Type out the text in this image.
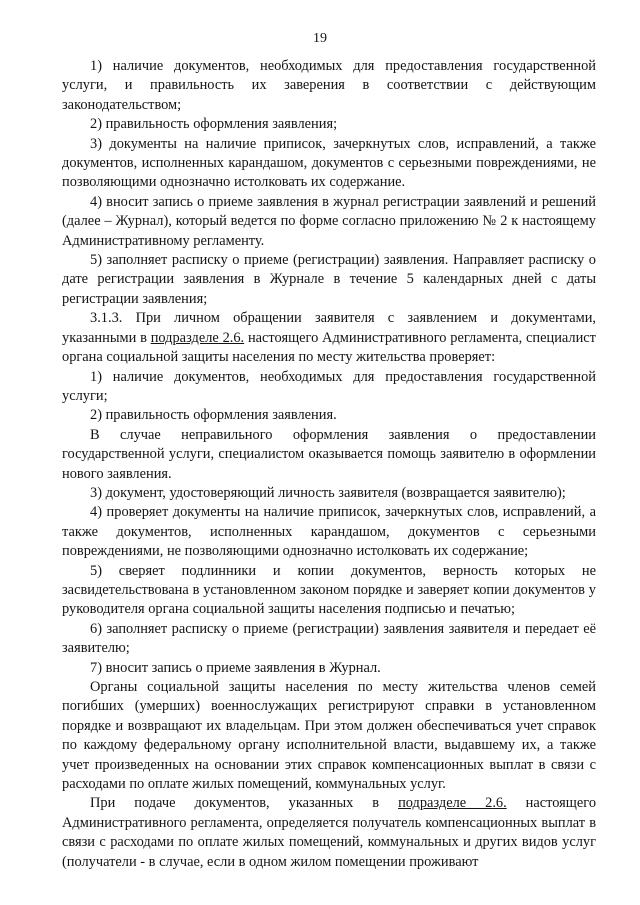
19

1) наличие документов, необходимых для предоставления государственной услуги, и правильность их заверения в соответствии с действующим законодательством;

2) правильность оформления заявления;

3) документы на наличие приписок, зачеркнутых слов, исправлений, а также документов, исполненных карандашом, документов с серьезными повреждениями, не позволяющими однозначно истолковать их содержание.

4) вносит запись о приеме заявления в журнал регистрации заявлений и решений (далее – Журнал), который ведется по форме согласно приложению № 2 к настоящему Административному регламенту.

5) заполняет расписку о приеме (регистрации) заявления. Направляет расписку о дате регистрации заявления в Журнале в течение 5 календарных дней с даты регистрации заявления;

3.1.3. При личном обращении заявителя с заявлением и документами, указанными в подразделе 2.6. настоящего Административного регламента, специалист органа социальной защиты населения по месту жительства проверяет:

1) наличие документов, необходимых для предоставления государственной услуги;

2) правильность оформления заявления.

В случае неправильного оформления заявления о предоставлении государственной услуги, специалистом оказывается помощь заявителю в оформлении нового заявления.

3) документ, удостоверяющий личность заявителя (возвращается заявителю);

4) проверяет документы на наличие приписок, зачеркнутых слов, исправлений, а также документов, исполненных карандашом, документов с серьезными повреждениями, не позволяющими однозначно истолковать их содержание;

5) сверяет подлинники и копии документов, верность которых не засвидетельствована в установленном законом порядке и заверяет копии документов у руководителя органа социальной защиты населения подписью и печатью;

6) заполняет расписку о приеме (регистрации) заявления заявителя и передает её заявителю;

7) вносит запись о приеме заявления в Журнал.

Органы социальной защиты населения по месту жительства членов семей погибших (умерших) военнослужащих регистрируют справки в установленном порядке и возвращают их владельцам. При этом должен обеспечиваться учет справок по каждому федеральному органу исполнительной власти, выдавшему их, а также учет произведенных на основании этих справок компенсационных выплат в связи с расходами по оплате жилых помещений, коммунальных услуг.

При подаче документов, указанных в подразделе 2.6. настоящего Административного регламента, определяется получатель компенсационных выплат в связи с расходами по оплате жилых помещений, коммунальных и других видов услуг (получатели - в случае, если в одном жилом помещении проживают
